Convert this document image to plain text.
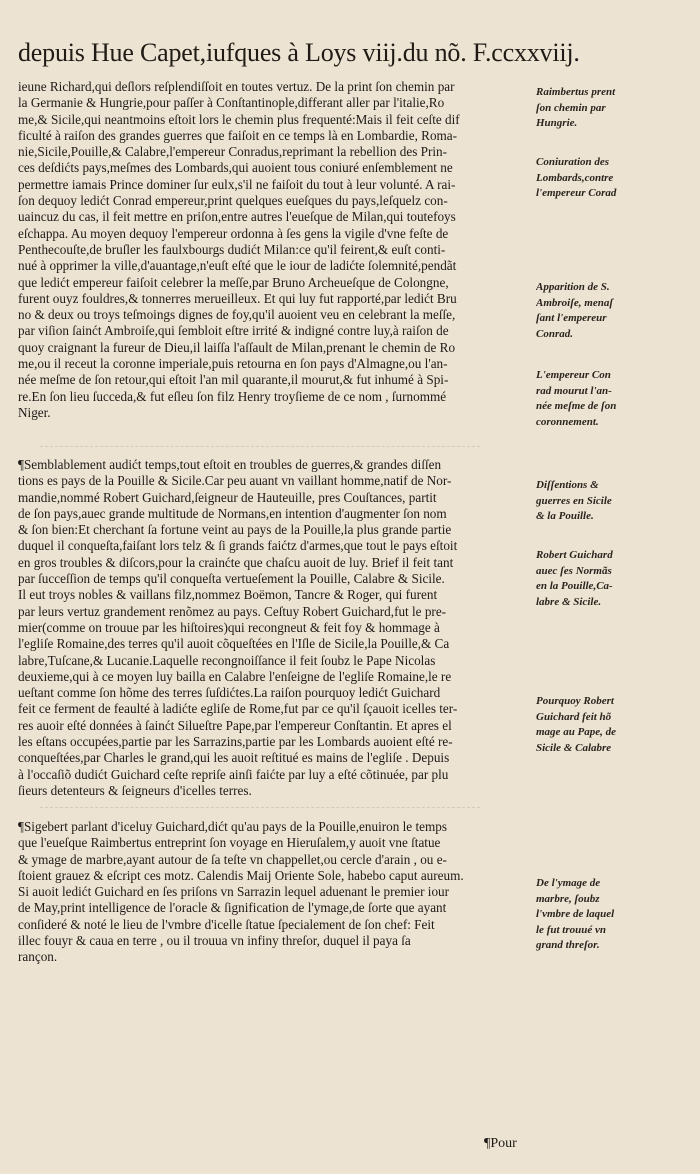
depuis Hue Capet,iufques à Loys viij.du nõ. F.ccxxviij.
ieune Richard,qui deſlors reſplendiſſoit en toutes vertuz. De la print ſon chemin par
la Germanie & Hungrie,pour paſſer à Conſtantinople,differant aller par l'italie,Ro
me,& Sicile,qui neantmoins eſtoit lors le chemin plus frequenté:Mais il feit ceſte dif
ficulté à raiſon des grandes guerres que faiſoit en ce temps là en Lombardie, Roma-
nie,Sicile,Pouille,& Calabre,l'empereur Conradus,reprimant la rebellion des Prin-
ces deſdićts pays,meſmes des Lombards,qui auoient tous coniuré enſemblement ne
permettre iamais Prince dominer ſur eulx,s'il ne faiſoit du tout à leur volunté. A rai-
ſon dequoy ledićt Conrad empereur,print quelques eueſques du pays,leſquelz con-
uaincuz du cas, il feit mettre en priſon,entre autres l'eueſque de Milan,qui toutefoys
eſchappa. Au moyen dequoy l'empereur ordonna à ſes gens la vigile d'vne feſte de
Penthecouſte,de bruſler les faulxbourgs dudićt Milan:ce qu'il feirent,& euſt conti-
nué à opprimer la ville,d'auantage,n'euſt eſté que le iour de ladićte ſolemnité,pendãt
que ledićt empereur faiſoit celebrer la meſſe,par Bruno Archeueſque de Colongne,
furent ouyz fouldres,& tonnerres merueilleux. Et qui luy fut rapporté,par ledićt Bru
no & deux ou troys teſmoings dignes de foy,qu'il auoient veu en celebrant la meſſe,
par viſion ſainćt Ambroiſe,qui ſembloit eſtre irrité & indigné contre luy,à raiſon de
quoy craignant la fureur de Dieu,il laiſſa l'aſſault de Milan,prenant le chemin de Ro
me,ou il receut la coronne imperiale,puis retourna en ſon pays d'Almagne,ou l'an-
née meſme de ſon retour,qui eſtoit l'an mil quarante,il mourut,& fut inhumé à Spi-
re.En ſon lieu ſucceda,& fut eſleu ſon filz Henry troyſieme de ce nom , ſurnommé
Niger.
¶Semblablement audićt temps,tout eſtoit en troubles de guerres,& grandes diſſen
tions es pays de la Pouille & Sicile.Car peu auant vn vaillant homme,natif de Nor-
mandie,nommé Robert Guichard,ſeigneur de Hauteuille, pres Couſtances, partit
de ſon pays,auec grande multitude de Normans,en intention d'augmenter ſon nom
& ſon bien:Et cherchant ſa fortune veint au pays de la Pouille,la plus grande partie
duquel il conqueſta,faiſant lors telz & ſi grands faićtz d'armes,que tout le pays eſtoit
en gros troubles & diſcors,pour la crainćte que chaſcu auoit de luy. Brief il feit tant
par ſucceſſion de temps qu'il conqueſta vertueſement la Pouille, Calabre & Sicile.
Il eut troys nobles & vaillans filz,nommez Boëmon, Tancre & Roger, qui furent
par leurs vertuz grandement renõmez au pays. Ceſtuy Robert Guichard,fut le pre-
mier(comme on trouue par les hiſtoires)qui recongneut & feit foy & hommage à
l'egliſe Romaine,des terres qu'il auoit cõqueſtées en l'Iſle de Sicile,la Pouille,& Ca
labre,Tuſcane,& Lucanie.Laquelle recongnoiſſance il feit ſoubz le Pape Nicolas
deuxieme,qui à ce moyen luy bailla en Calabre l'enſeigne de l'egliſe Romaine,le re
ueſtant comme ſon hõme des terres ſuſdićtes.La raiſon pourquoy ledićt Guichard
feit ce ferment de feaulté à ladićte egliſe de Rome,fut par ce qu'il ſçauoit icelles ter-
res auoir eſté données à ſainćt Silueſtre Pape,par l'empereur Conſtantin. Et apres el
les eſtans occupées,partie par les Sarrazins,partie par les Lombards auoient eſté re-
conqueſtées,par Charles le grand,qui les auoit reſtitué es mains de l'egliſe . Depuis
à l'occaſiõ dudićt Guichard ceſte repriſe ainſi faićte par luy a eſté cõtinuée, par plu
ſieurs detenteurs & ſeigneurs d'icelles terres.
¶Sigebert parlant d'iceluy Guichard,dićt qu'au pays de la Pouille,enuiron le temps
que l'eueſque Raimbertus entreprint ſon voyage en Hieruſalem,y auoit vne ſtatue
& ymage de marbre,ayant autour de ſa teſte vn chappellet,ou cercle d'arain , ou e-
ſtoient grauez & eſcript ces motz. Calendis Maij Oriente Sole, habebo caput aureum.
Si auoit ledićt Guichard en ſes priſons vn Sarrazin lequel aduenant le premier iour
de May,print intelligence de l'oracle & ſignification de l'ymage,de ſorte que ayant
conſideré & noté le lieu de l'vmbre d'icelle ſtatue ſpecialement de ſon chef: Feit
illec fouyr & caua en terre , ou il trouua vn infiny threſor, duquel il paya ſa
rançon.
Raimbertus prent
ſon chemin par
Hungrie.
Coniuration des
Lombards,contre
l'empereur Corad
Apparition de S.
Ambroiſe, menaſ
ſant l'empereur
Conrad.
L'empereur Con
rad mourut l'an-
née meſme de ſon
coronnement.
Diſſentions &
guerres en Sicile
& la Pouille.
Robert Guichard
auec ſes Normãs
en la Pouille,Ca-
labre & Sicile.
Pourquoy Robert
Guichard feit hõ
mage au Pape, de
Sicile & Calabre
De l'ymage de
marbre, ſoubz
l'vmbre de laquel
le fut trouué vn
grand threſor.
¶Pour
